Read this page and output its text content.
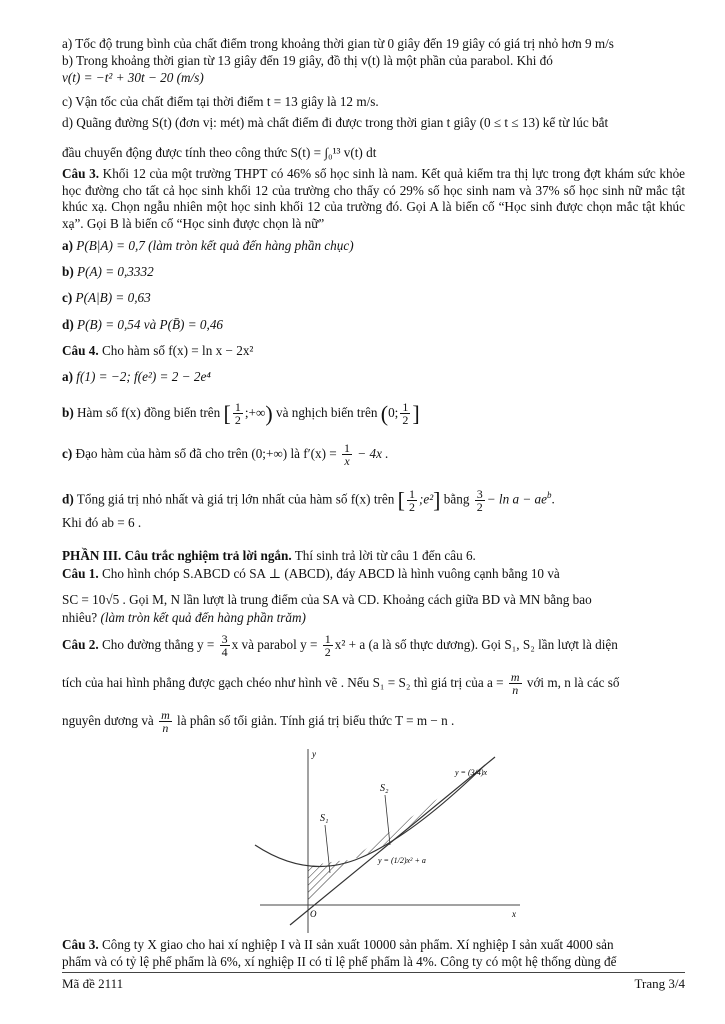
a) Tốc độ trung bình của chất điểm trong khoảng thời gian từ 0 giây đến 19 giây có giá trị nhỏ hơn 9 m/s
b) Trong khoảng thời gian từ 13 giây đến 19 giây, đồ thị v(t) là một phần của parabol. Khi đó
v(t) = −t² + 30t − 20 (m/s)
c) Vận tốc của chất điểm tại thời điểm t = 13 giây là 12 m/s.
d) Quãng đường S(t) (đơn vị: mét) mà chất điểm đi được trong thời gian t giây (0 ≤ t ≤ 13) kể từ lúc bắt
đầu chuyển động được tính theo công thức S(t) = ∫₀¹³ v(t) dt
Câu 3. Khối 12 của một trường THPT có 46% số học sinh là nam. Kết quả kiểm tra thị lực trong đợt khám sức khỏe học đường cho tất cả học sinh khối 12 của trường cho thấy có 29% số học sinh nam và 37% số học sinh nữ mắc tật khúc xạ. Chọn ngẫu nhiên một học sinh khối 12 của trường đó. Gọi A là biến cố “Học sinh được chọn mắc tật khúc xạ”. Gọi B là biến cố “Học sinh được chọn là nữ”
a) P(B|A) = 0,7 (làm tròn kết quả đến hàng phần chục)
b) P(A) = 0,3332
c) P(A|B) = 0,63
d) P(B) = 0,54 và P(B̄) = 0,46
Câu 4. Cho hàm số f(x) = ln x − 2x²
a) f(1) = −2; f(e²) = 2 − 2e⁴
b) Hàm số f(x) đồng biến trên [ $\frac{1}{2}$ ;+∞) và nghịch biến trên (0; $\frac{1}{2}$ ]
c) Đạo hàm của hàm số đã cho trên (0;+∞) là $f'(x) = \frac{1}{x} - 4x$ .
d) Tổng giá trị nhỏ nhất và giá trị lớn nhất của hàm số f(x) trên [ $\frac{1}{2}$ ;e²] bằng $\frac{3}{2} - \ln a - ae^b$.
Khi đó ab = 6 .
PHẦN III. Câu trắc nghiệm trả lời ngắn. Thí sinh trả lời từ câu 1 đến câu 6.
Câu 1. Cho hình chóp S.ABCD có SA ⊥ (ABCD), đáy ABCD là hình vuông cạnh bằng 10 và
SC = 10√5 . Gọi M, N lần lượt là trung điểm của SA và CD. Khoảng cách giữa BD và MN bằng bao
nhiêu? (làm tròn kết quả đến hàng phần trăm)
Câu 2. Cho đường thẳng $y = \frac{3}{4}$ x và parabol $y = \frac{1}{2} x^2 + a$ (a là số thực dương). Gọi S₁, S₂ lần lượt là diện
tích của hai hình phẳng được gạch chéo như hình vẽ . Nếu S₁ = S₂ thì giá trị của $a = \frac{m}{n}$ với m, n là các số
nguyên dương và $\frac{m}{n}$ là phân số tối giản. Tính giá trị biểu thức T = m − n .
y
x
O
S₁
S₂
y = (3/4)x
y = (1/2)x² + a
Câu 3. Công ty X giao cho hai xí nghiệp I và II sản xuất 10000 sản phẩm. Xí nghiệp I sản xuất 4000 sản
phẩm và có tỷ lệ phế phẩm là 6%, xí nghiệp II có tỉ lệ phế phẩm là 4%. Công ty có một hệ thống dùng để
Mã đề 2111	Trang 3/4
